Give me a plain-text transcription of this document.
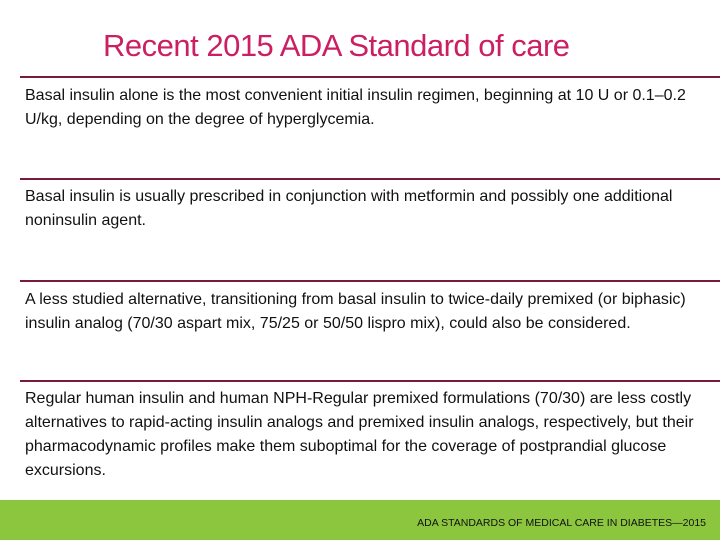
Recent 2015 ADA Standard of care
Basal insulin alone is the most convenient initial insulin regimen, beginning at 10 U or 0.1–0.2 U/kg, depending on the degree of hyperglycemia.
Basal insulin is usually prescribed in conjunction with metformin and possibly one additional noninsulin agent.
A less studied alternative, transitioning from basal insulin to twice-daily premixed (or biphasic) insulin analog (70/30 aspart mix, 75/25 or 50/50 lispro mix), could also be considered.
Regular human insulin and human NPH-Regular premixed formulations (70/30) are less costly alternatives to rapid-acting insulin analogs and premixed insulin analogs, respectively, but their pharmacodynamic profiles make them suboptimal for the coverage of postprandial glucose excursions.
ADA STANDARDS OF MEDICAL CARE IN DIABETES—2015
